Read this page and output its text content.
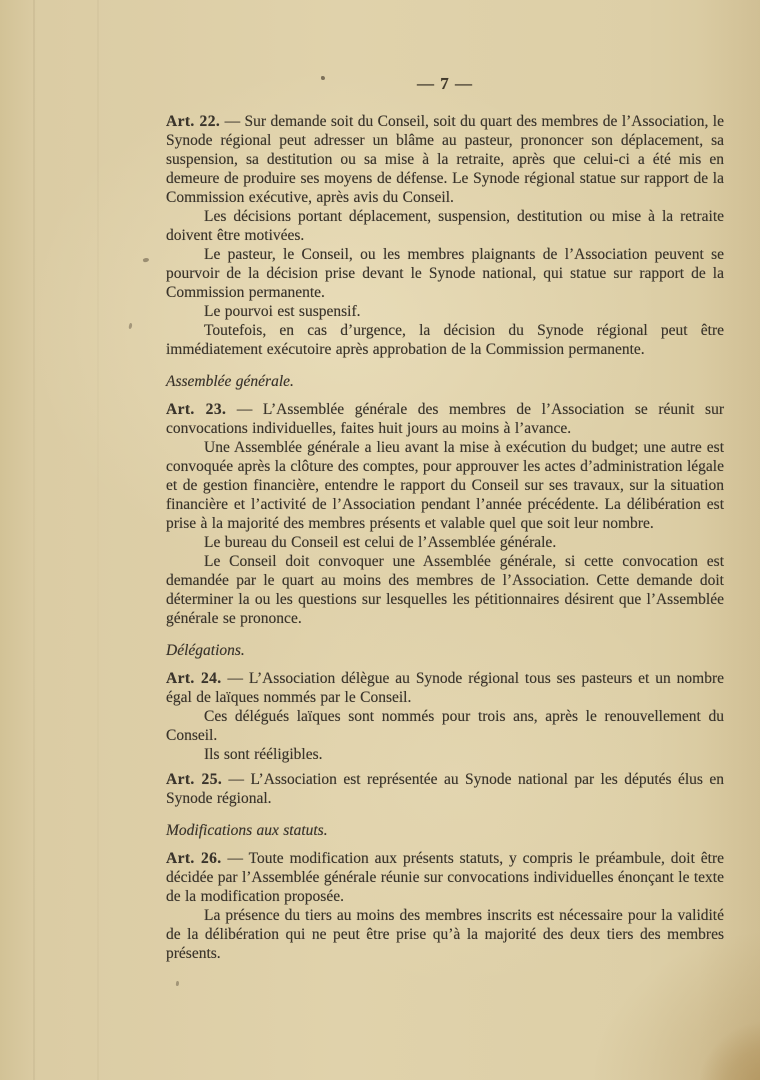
— 7 —

Art. 22. — Sur demande soit du Conseil, soit du quart des membres de l’Association, le Synode régional peut adresser un blâme au pasteur, prononcer son déplacement, sa suspension, sa destitution ou sa mise à la retraite, après que celui-ci a été mis en demeure de produire ses moyens de défense. Le Synode régional statue sur rapport de la Commission exécutive, après avis du Conseil.

Les décisions portant déplacement, suspension, destitution ou mise à la retraite doivent être motivées.

Le pasteur, le Conseil, ou les membres plaignants de l’Association peuvent se pourvoir de la décision prise devant le Synode national, qui statue sur rapport de la Commission permanente.

Le pourvoi est suspensif.

Toutefois, en cas d’urgence, la décision du Synode régional peut être immédiatement exécutoire après approbation de la Commission permanente.

Assemblée générale.

Art. 23. — L’Assemblée générale des membres de l’Association se réunit sur convocations individuelles, faites huit jours au moins à l’avance.

Une Assemblée générale a lieu avant la mise à exécution du budget; une autre est convoquée après la clôture des comptes, pour approuver les actes d’administration légale et de gestion financière, entendre le rapport du Conseil sur ses travaux, sur la situation financière et l’activité de l’Association pendant l’année précédente. La délibération est prise à la majorité des membres présents et valable quel que soit leur nombre.

Le bureau du Conseil est celui de l’Assemblée générale.

Le Conseil doit convoquer une Assemblée générale, si cette convocation est demandée par le quart au moins des membres de l’Association. Cette demande doit déterminer la ou les questions sur lesquelles les pétitionnaires désirent que l’Assemblée générale se prononce.

Délégations.

Art. 24. — L’Association délègue au Synode régional tous ses pasteurs et un nombre égal de laïques nommés par le Conseil.

Ces délégués laïques sont nommés pour trois ans, après le renouvellement du Conseil.

Ils sont rééligibles.

Art. 25. — L’Association est représentée au Synode national par les députés élus en Synode régional.

Modifications aux statuts.

Art. 26. — Toute modification aux présents statuts, y compris le préambule, doit être décidée par l’Assemblée générale réunie sur convocations individuelles énonçant le texte de la modification proposée.

La présence du tiers au moins des membres inscrits est nécessaire pour la validité de la délibération qui ne peut être prise qu’à la majorité des deux tiers des membres présents.
